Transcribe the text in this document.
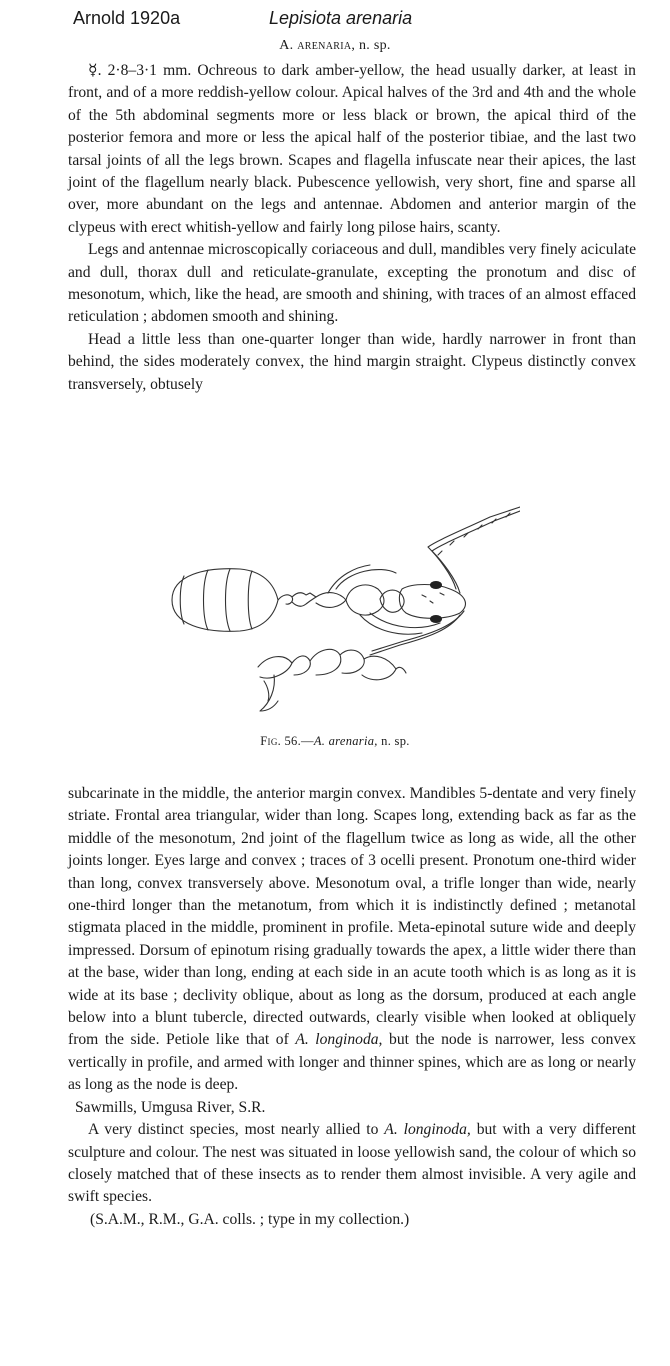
Arnold 1920a	Lepisiota arenaria
A. arenaria, n. sp.

☿. 2·8–3·1 mm. Ochreous to dark amber-yellow, the head usually darker, at least in front, and of a more reddish-yellow colour. Apical halves of the 3rd and 4th and the whole of the 5th abdominal segments more or less black or brown, the apical third of the posterior femora and more or less the apical half of the posterior tibiae, and the last two tarsal joints of all the legs brown. Scapes and flagella infuscate near their apices, the last joint of the flagellum nearly black. Pubescence yellowish, very short, fine and sparse all over, more abundant on the legs and antennae. Abdomen and anterior margin of the clypeus with erect whitish-yellow and fairly long pilose hairs, scanty.

Legs and antennae microscopically coriaceous and dull, mandibles very finely aciculate and dull, thorax dull and reticulate-granulate, excepting the pronotum and disc of mesonotum, which, like the head, are smooth and shining, with traces of an almost effaced reticulation ; abdomen smooth and shining.

Head a little less than one-quarter longer than wide, hardly narrower in front than behind, the sides moderately convex, the hind margin straight. Clypeus distinctly convex transversely, obtusely

Fig. 56.—A. arenaria, n. sp.

subcarinate in the middle, the anterior margin convex. Mandibles 5-dentate and very finely striate. Frontal area triangular, wider than long. Scapes long, extending back as far as the middle of the mesonotum, 2nd joint of the flagellum twice as long as wide, all the other joints longer. Eyes large and convex ; traces of 3 ocelli present. Pronotum one-third wider than long, convex transversely above. Mesonotum oval, a trifle longer than wide, nearly one-third longer than the metanotum, from which it is indistinctly defined ; metanotal stigmata placed in the middle, prominent in profile. Meta-epinotal suture wide and deeply impressed. Dorsum of epinotum rising gradually towards the apex, a little wider there than at the base, wider than long, ending at each side in an acute tooth which is as long as it is wide at its base ; declivity oblique, about as long as the dorsum, produced at each angle below into a blunt tubercle, directed outwards, clearly visible when looked at obliquely from the side. Petiole like that of A. longinoda, but the node is narrower, less convex vertically in profile, and armed with longer and thinner spines, which are as long or nearly as long as the node is deep.

Sawmills, Umgusa River, S.R.

A very distinct species, most nearly allied to A. longinoda, but with a very different sculpture and colour. The nest was situated in loose yellowish sand, the colour of which so closely matched that of these insects as to render them almost invisible. A very agile and swift species.

(S.A.M., R.M., G.A. colls. ; type in my collection.)
